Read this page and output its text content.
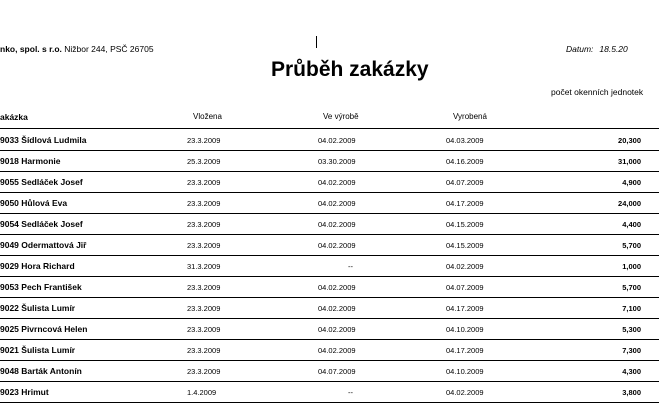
nko, spol. s r.o. Nižbor 244, PSČ 26705	Datum: 18.5.20
Průběh zakázky
počet okenních jednotek
akázka	Vložena	Ve výrobě	Vyrobená
9033 Šídlová Ludmila	23.3.2009	04.02.2009	04.03.2009	20,300
9018 Harmonie	25.3.2009	03.30.2009	04.16.2009	31,000
9055 Sedláček Josef	23.3.2009	04.02.2009	04.07.2009	4,900
9050 Hůlová Eva	23.3.2009	04.02.2009	04.17.2009	24,000
9054 Sedláček Josef	23.3.2009	04.02.2009	04.15.2009	4,400
9049 Odermattová Jiř	23.3.2009	04.02.2009	04.15.2009	5,700
9029 Hora Richard	31.3.2009	--	04.02.2009	1,000
9053 Pech František	23.3.2009	04.02.2009	04.07.2009	5,700
9022 Šulista Lumír	23.3.2009	04.02.2009	04.17.2009	7,100
9025 Pivrncová Helen	23.3.2009	04.02.2009	04.10.2009	5,300
9021 Šulista Lumír	23.3.2009	04.02.2009	04.17.2009	7,300
9048 Barták Antonín	23.3.2009	04.07.2009	04.10.2009	4,300
9023 Hrimut	1.4.2009	--	04.02.2009	3,800
